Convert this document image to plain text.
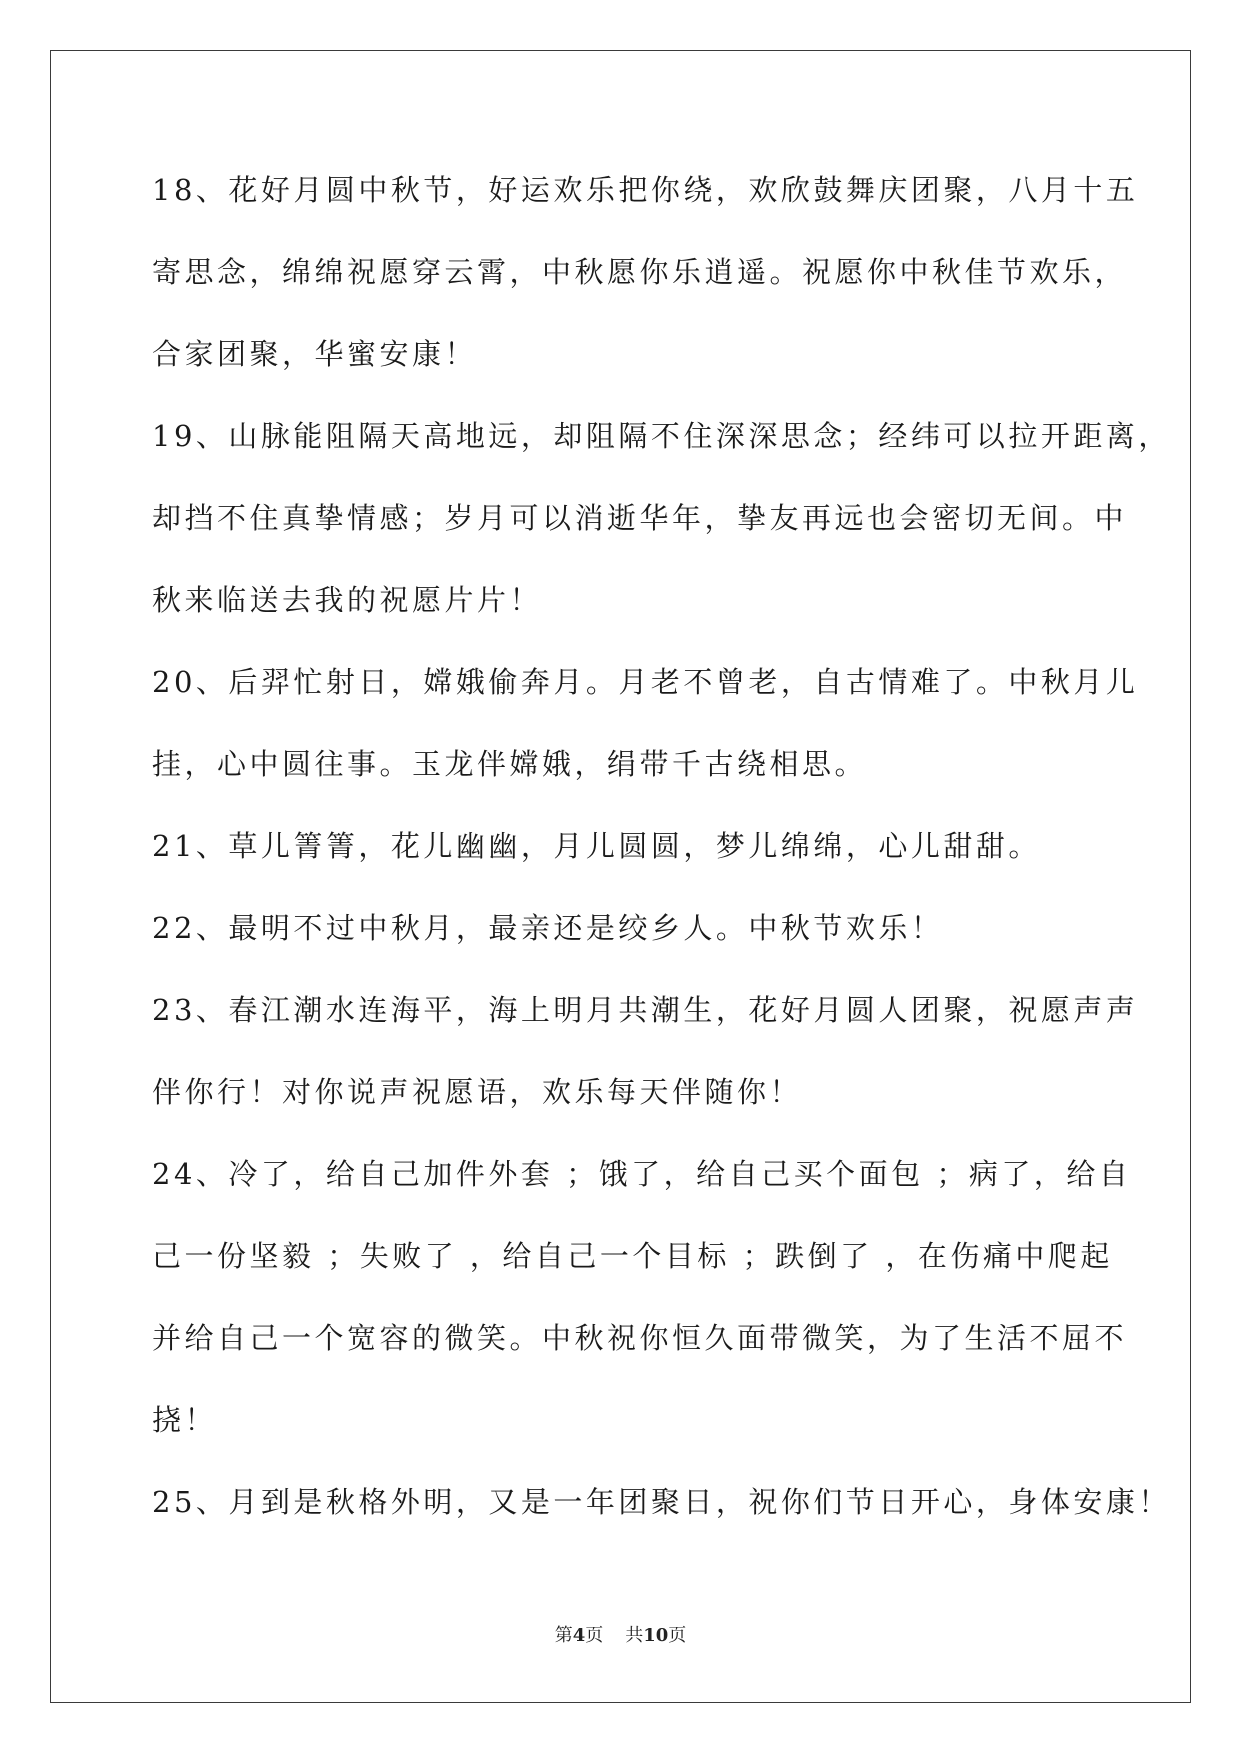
18、花好月圆中秋节，好运欢乐把你绕，欢欣鼓舞庆团聚，八月十五
寄思念，绵绵祝愿穿云霄，中秋愿你乐逍遥。祝愿你中秋佳节欢乐，
合家团聚，华蜜安康！
19、山脉能阻隔天高地远，却阻隔不住深深思念；经纬可以拉开距离，
却挡不住真挚情感；岁月可以消逝华年，挚友再远也会密切无间。中
秋来临送去我的祝愿片片！
20、后羿忙射日，嫦娥偷奔月。月老不曾老，自古情难了。中秋月儿
挂，心中圆往事。玉龙伴嫦娥，绢带千古绕相思。
21、草儿箐箐，花儿幽幽，月儿圆圆，梦儿绵绵，心儿甜甜。
22、最明不过中秋月，最亲还是绞乡人。中秋节欢乐！
23、春江潮水连海平，海上明月共潮生，花好月圆人团聚，祝愿声声
伴你行！对你说声祝愿语，欢乐每天伴随你！
24、冷了，给自己加件外套 ；饿了，给自己买个面包 ；病了，给自
己一份坚毅 ；失败了 ，给自己一个目标 ；跌倒了 ，在伤痛中爬起
并给自己一个宽容的微笑。中秋祝你恒久面带微笑，为了生活不屈不
挠！
25、月到是秋格外明，又是一年团聚日，祝你们节日开心，身体安康！
第4页 共10页
